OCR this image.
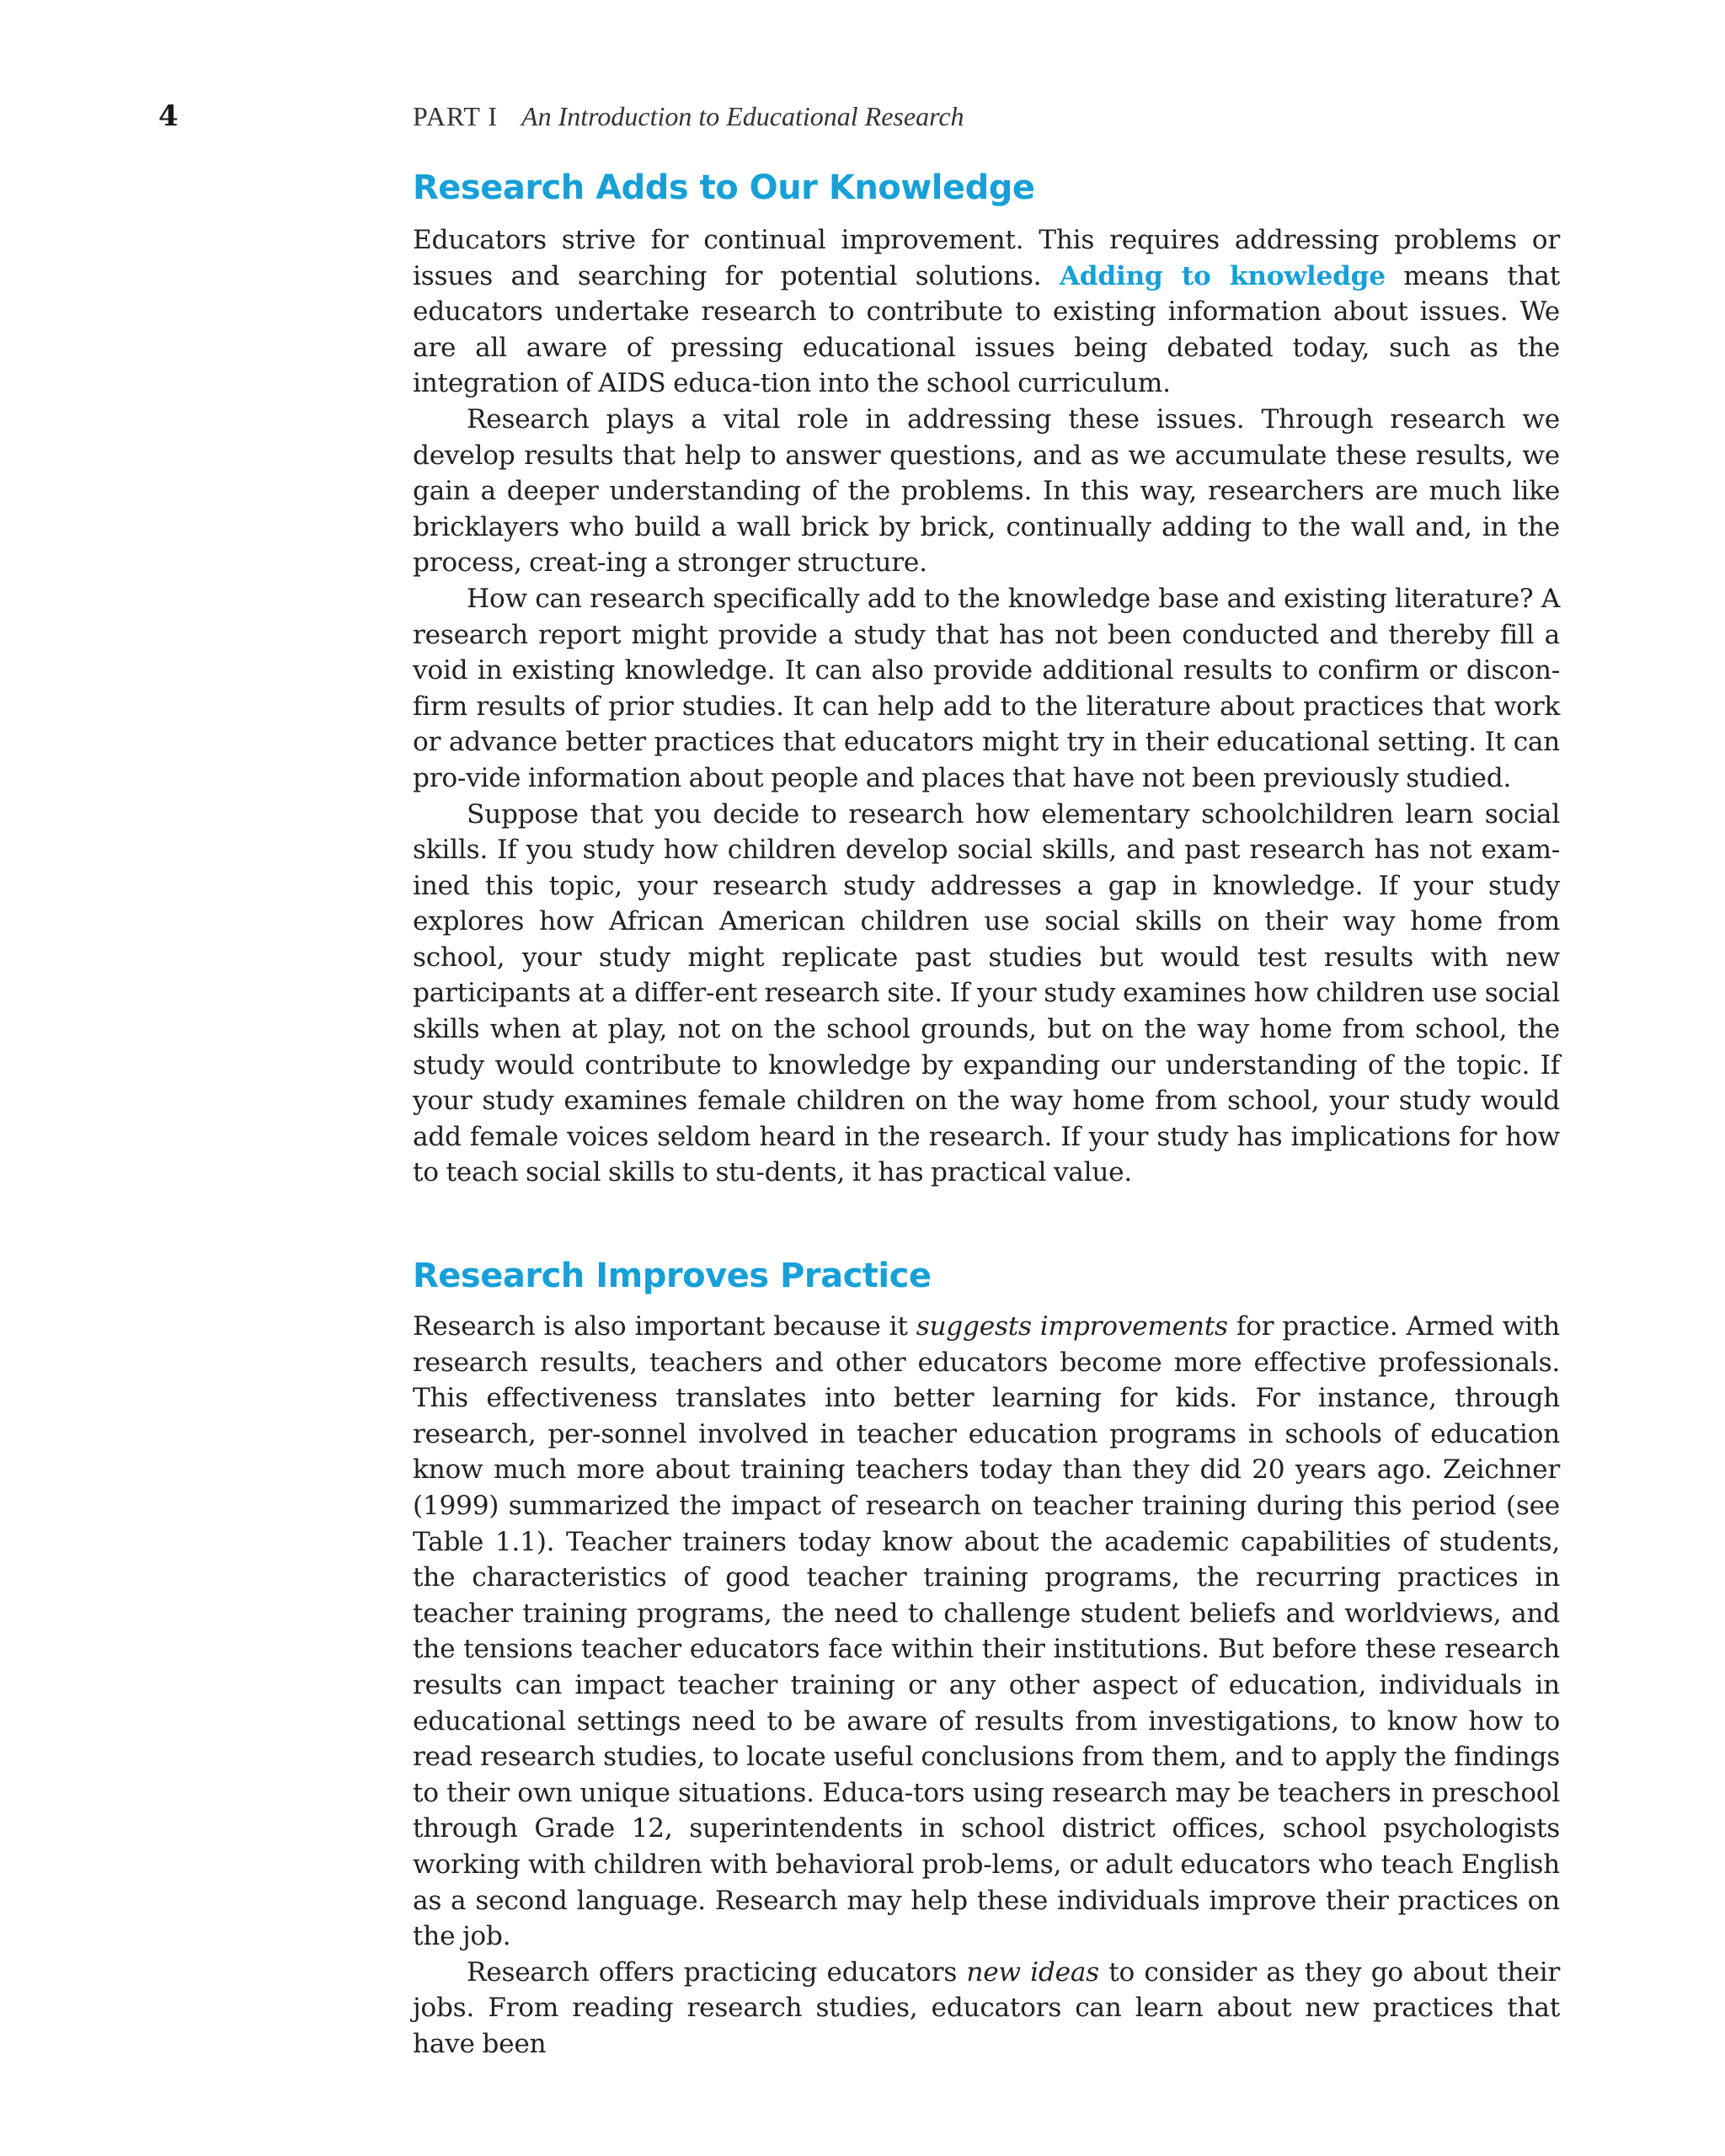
4	PART I An Introduction to Educational Research
Research Adds to Our Knowledge

Educators strive for continual improvement. This requires addressing problems or issues and searching for potential solutions. Adding to knowledge means that educators undertake research to contribute to existing information about issues. We are all aware of pressing educational issues being debated today, such as the integration of AIDS educa-tion into the school curriculum.

Research plays a vital role in addressing these issues. Through research we develop results that help to answer questions, and as we accumulate these results, we gain a deeper understanding of the problems. In this way, researchers are much like bricklayers who build a wall brick by brick, continually adding to the wall and, in the process, creat-ing a stronger structure.

How can research specifically add to the knowledge base and existing literature? A research report might provide a study that has not been conducted and thereby fill a void in existing knowledge. It can also provide additional results to confirm or discon-firm results of prior studies. It can help add to the literature about practices that work or advance better practices that educators might try in their educational setting. It can pro-vide information about people and places that have not been previously studied.

Suppose that you decide to research how elementary schoolchildren learn social skills. If you study how children develop social skills, and past research has not exam-ined this topic, your research study addresses a gap in knowledge. If your study explores how African American children use social skills on their way home from school, your study might replicate past studies but would test results with new participants at a differ-ent research site. If your study examines how children use social skills when at play, not on the school grounds, but on the way home from school, the study would contribute to knowledge by expanding our understanding of the topic. If your study examines female children on the way home from school, your study would add female voices seldom heard in the research. If your study has implications for how to teach social skills to stu-dents, it has practical value.

Research Improves Practice

Research is also important because it suggests improvements for practice. Armed with research results, teachers and other educators become more effective professionals. This effectiveness translates into better learning for kids. For instance, through research, per-sonnel involved in teacher education programs in schools of education know much more about training teachers today than they did 20 years ago. Zeichner (1999) summarized the impact of research on teacher training during this period (see Table 1.1). Teacher trainers today know about the academic capabilities of students, the characteristics of good teacher training programs, the recurring practices in teacher training programs, the need to challenge student beliefs and worldviews, and the tensions teacher educators face within their institutions. But before these research results can impact teacher training or any other aspect of education, individuals in educational settings need to be aware of results from investigations, to know how to read research studies, to locate useful conclusions from them, and to apply the findings to their own unique situations. Educa-tors using research may be teachers in preschool through Grade 12, superintendents in school district offices, school psychologists working with children with behavioral prob-lems, or adult educators who teach English as a second language. Research may help these individuals improve their practices on the job.

Research offers practicing educators new ideas to consider as they go about their jobs. From reading research studies, educators can learn about new practices that have been
